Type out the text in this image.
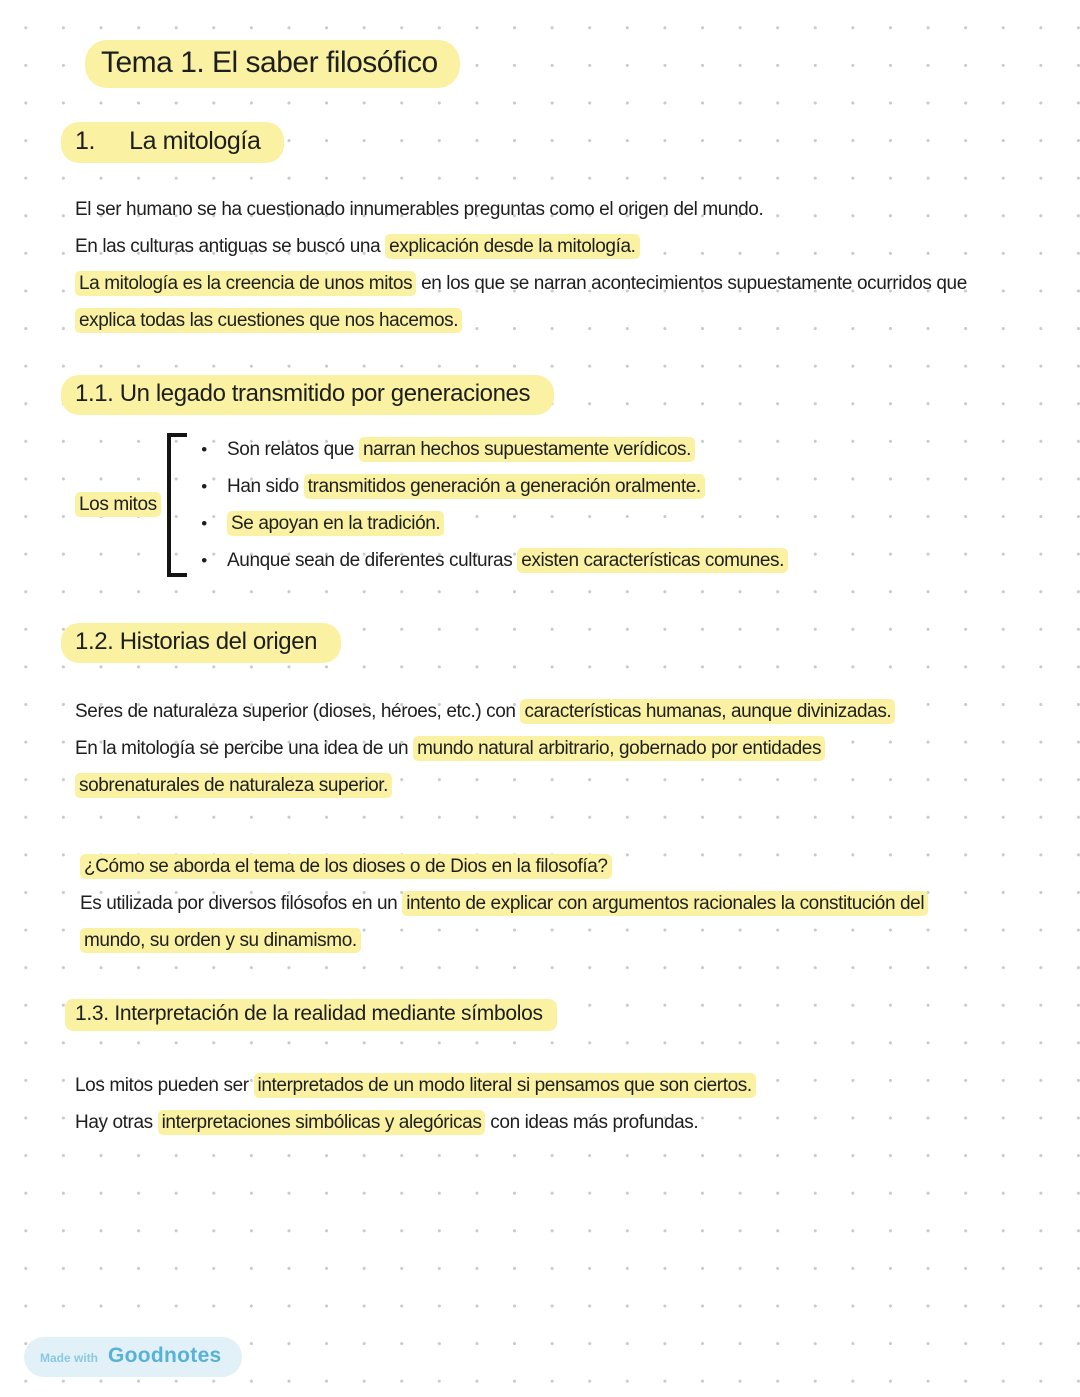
Tema 1. El saber filosófico
1. La mitología
El ser humano se ha cuestionado innumerables preguntas como el origen del mundo.
En las culturas antiguas se buscó una explicación desde la mitología.
La mitología es la creencia de unos mitos en los que se narran acontecimientos supuestamente ocurridos que
explica todas las cuestiones que nos hacemos.
1.1. Un legado transmitido por generaciones
Los mitos
•	Son relatos que narran hechos supuestamente verídicos.
•	Han sido transmitidos generación a generación oralmente.
•	Se apoyan en la tradición.
•	Aunque sean de diferentes culturas existen características comunes.
1.2. Historias del origen
Seres de naturaleza superior (dioses, héroes, etc.) con características humanas, aunque divinizadas.
En la mitología se percibe una idea de un mundo natural arbitrario, gobernado por entidades
sobrenaturales de naturaleza superior.
¿Cómo se aborda el tema de los dioses o de Dios en la filosofía?
Es utilizada por diversos filósofos en un intento de explicar con argumentos racionales la constitución del
mundo, su orden y su dinamismo.
1.3. Interpretación de la realidad mediante símbolos
Los mitos pueden ser interpretados de un modo literal si pensamos que son ciertos.
Hay otras interpretaciones simbólicas y alegóricas con ideas más profundas.
Made with Goodnotes
